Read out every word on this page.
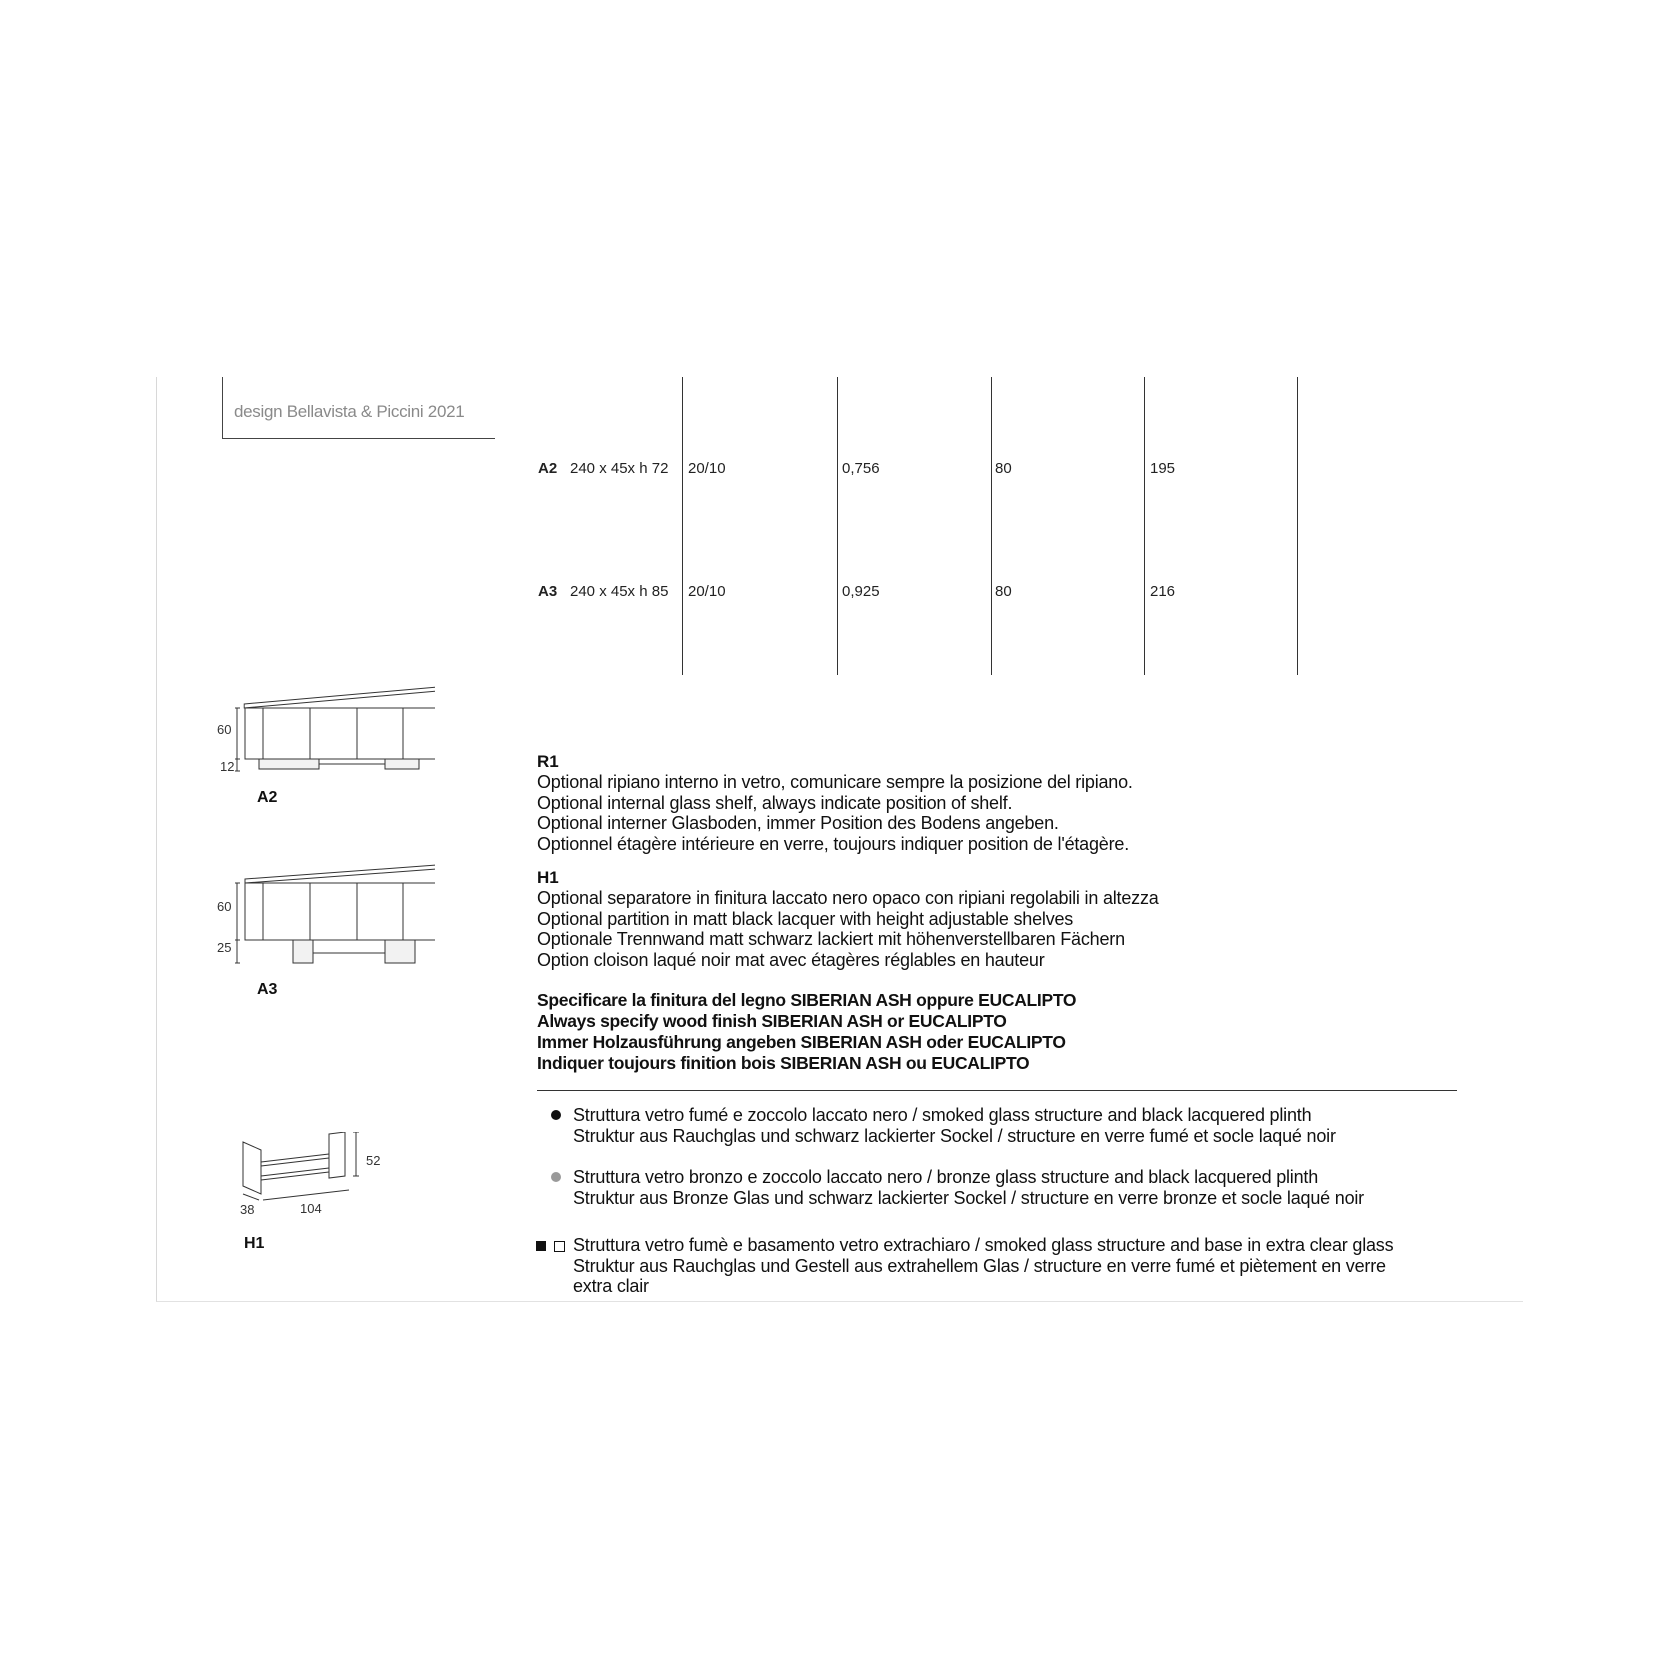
design Bellavista & Piccini 2021
A2 240 x 45x h 72 20/10	0,756	80	195
A3 240 x 45x h 85 20/10	0,925	80	216
60
12
A2
60
25
A3
52
38	104
H1
R1
Optional ripiano interno in vetro, comunicare sempre la posizione del ripiano.
Optional internal glass shelf, always indicate position of shelf.
Optional interner Glasboden, immer Position des Bodens angeben.
Optionnel étagère intérieure en verre, toujours indiquer position de l'étagère.
H1
Optional separatore in finitura laccato nero opaco con ripiani regolabili in altezza
Optional partition in matt black lacquer with height adjustable shelves
Optionale Trennwand matt schwarz lackiert mit höhenverstellbaren Fächern
Option cloison laqué noir mat avec étagères réglables en hauteur
Specificare la finitura del legno SIBERIAN ASH oppure EUCALIPTO
Always specify wood finish SIBERIAN ASH or EUCALIPTO
Immer Holzausführung angeben SIBERIAN ASH oder EUCALIPTO
Indiquer toujours finition bois SIBERIAN ASH ou EUCALIPTO
Struttura vetro fumé e zoccolo laccato nero / smoked glass structure and black lacquered plinth
Struktur aus Rauchglas und schwarz lackierter Sockel / structure en verre fumé et socle laqué noir
Struttura vetro bronzo e zoccolo laccato nero / bronze glass structure and black lacquered plinth
Struktur aus Bronze Glas und schwarz lackierter Sockel / structure en verre bronze et socle laqué noir
Struttura vetro fumè e basamento vetro extrachiaro / smoked glass structure and base in extra clear glass
Struktur aus Rauchglas und Gestell aus extrahellem Glas / structure en verre fumé et piètement en verre
extra clair
